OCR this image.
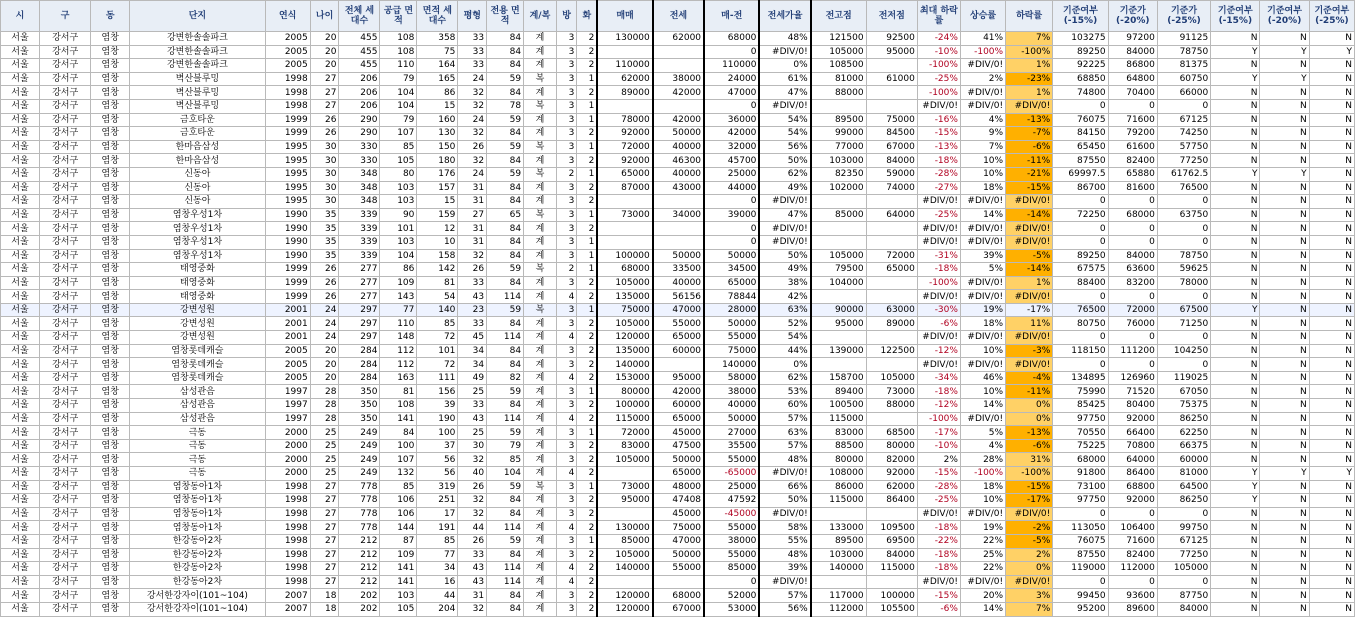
시	구	동	단지	연식	나이	전체 세대수	공급 면적	면적 세대수	평형	전용 면적	계/복	방	화	매매	전세	매-전	전세가율	전고점	전저점	최대 하락률	상승률	하락률	기준여부 (-15%)	기준가 (-20%)	기준가 (-25%)	기준여부 (-15%)	기준여부 (-20%)	기준여부 (-25%)
서울	강서구	염창	강변한솔솔파크	2005	20	455	108	358	33	84	계	3	2	130000	62000	68000	48%	121500	92500	-24%	41%	7%	103275	97200	91125	N	N	N
서울	강서구	염창	강변한솔솔파크	2005	20	455	108	75	33	84	계	3	2			0	#DIV/0!	105000	95000	-10%	-100%	-100%	89250	84000	78750	Y	Y	Y
서울	강서구	염창	강변한솔솔파크	2005	20	455	110	164	33	84	계	3	2	110000		110000	0%	108500		-100%	#DIV/0!	1%	92225	86800	81375	N	N	N
서울	강서구	염창	벽산블루밍	1998	27	206	79	165	24	59	복	3	1	62000	38000	24000	61%	81000	61000	-25%	2%	-23%	68850	64800	60750	Y	Y	N
서울	강서구	염창	벽산블루밍	1998	27	206	104	86	32	84	계	3	2	89000	42000	47000	47%	88000		-100%	#DIV/0!	1%	74800	70400	66000	N	N	N
서울	강서구	염창	벽산블루밍	1998	27	206	104	15	32	78	복	3	1			0	#DIV/0!			#DIV/0!	#DIV/0!	#DIV/0!	0	0	0	N	N	N
서울	강서구	염창	금호타운	1999	26	290	79	160	24	59	계	3	1	78000	42000	36000	54%	89500	75000	-16%	4%	-13%	76075	71600	67125	N	N	N
서울	강서구	염창	금호타운	1999	26	290	107	130	32	84	계	3	2	92000	50000	42000	54%	99000	84500	-15%	9%	-7%	84150	79200	74250	N	N	N
서울	강서구	염창	한마음삼성	1995	30	330	85	150	26	59	복	3	1	72000	40000	32000	56%	77000	67000	-13%	7%	-6%	65450	61600	57750	N	N	N
서울	강서구	염창	한마음삼성	1995	30	330	105	180	32	84	계	3	2	92000	46300	45700	50%	103000	84000	-18%	10%	-11%	87550	82400	77250	N	N	N
서울	강서구	염창	신동아	1995	30	348	80	176	24	59	복	2	1	65000	40000	25000	62%	82350	59000	-28%	10%	-21%	69997.5	65880	61762.5	Y	Y	N
서울	강서구	염창	신동아	1995	30	348	103	157	31	84	계	3	2	87000	43000	44000	49%	102000	74000	-27%	18%	-15%	86700	81600	76500	N	N	N
서울	강서구	염창	신동아	1995	30	348	103	15	31	84	계	3	2			0	#DIV/0!			#DIV/0!	#DIV/0!	#DIV/0!	0	0	0	N	N	N
서울	강서구	염창	염창우성1차	1990	35	339	90	159	27	65	복	3	1	73000	34000	39000	47%	85000	64000	-25%	14%	-14%	72250	68000	63750	N	N	N
서울	강서구	염창	염창우성1차	1990	35	339	101	12	31	84	계	3	2			0	#DIV/0!			#DIV/0!	#DIV/0!	#DIV/0!	0	0	0	N	N	N
서울	강서구	염창	염창우성1차	1990	35	339	103	10	31	84	계	3	1			0	#DIV/0!			#DIV/0!	#DIV/0!	#DIV/0!	0	0	0	N	N	N
서울	강서구	염창	염창우성1차	1990	35	339	104	158	32	84	계	3	1	100000	50000	50000	50%	105000	72000	-31%	39%	-5%	89250	84000	78750	N	N	N
서울	강서구	염창	태영중화	1999	26	277	86	142	26	59	복	2	1	68000	33500	34500	49%	79500	65000	-18%	5%	-14%	67575	63600	59625	N	N	N
서울	강서구	염창	태영중화	1999	26	277	109	81	33	84	계	3	2	105000	40000	65000	38%	104000		-100%	#DIV/0!	1%	88400	83200	78000	N	N	N
서울	강서구	염창	태영중화	1999	26	277	143	54	43	114	계	4	2	135000	56156	78844	42%			#DIV/0!	#DIV/0!	#DIV/0!	0	0	0	N	N	N
서울	강서구	염창	강변성원	2001	24	297	77	140	23	59	복	3	1	75000	47000	28000	63%	90000	63000	-30%	19%	-17%	76500	72000	67500	Y	N	N
서울	강서구	염창	강변성원	2001	24	297	110	85	33	84	계	3	2	105000	55000	50000	52%	95000	89000	-6%	18%	11%	80750	76000	71250	N	N	N
서울	강서구	염창	강변성원	2001	24	297	148	72	45	114	계	4	2	120000	65000	55000	54%			#DIV/0!	#DIV/0!	#DIV/0!	0	0	0	N	N	N
서울	강서구	염창	염창롯데캐슬	2005	20	284	112	101	34	84	계	3	2	135000	60000	75000	44%	139000	122500	-12%	10%	-3%	118150	111200	104250	N	N	N
서울	강서구	염창	염창롯데캐슬	2005	20	284	112	72	34	84	계	3	2	140000		140000	0%			#DIV/0!	#DIV/0!	#DIV/0!	0	0	0	N	N	N
서울	강서구	염창	염창롯데캐슬	2005	20	284	163	111	49	82	계	4	2	153000	95000	58000	62%	158700	105000	-34%	46%	-4%	134895	126960	119025	N	N	N
서울	강서구	염창	삼성관음	1997	28	350	81	156	25	59	계	3	1	80000	42000	38000	53%	89400	73000	-18%	10%	-11%	75990	71520	67050	N	N	N
서울	강서구	염창	삼성관음	1997	28	350	108	39	33	84	계	3	2	100000	60000	40000	60%	100500	88000	-12%	14%	0%	85425	80400	75375	N	N	N
서울	강서구	염창	삼성관음	1997	28	350	141	190	43	114	계	4	2	115000	65000	50000	57%	115000		-100%	#DIV/0!	0%	97750	92000	86250	N	N	N
서울	강서구	염창	극동	2000	25	249	84	100	25	59	계	3	1	72000	45000	27000	63%	83000	68500	-17%	5%	-13%	70550	66400	62250	N	N	N
서울	강서구	염창	극동	2000	25	249	100	37	30	79	계	3	2	83000	47500	35500	57%	88500	80000	-10%	4%	-6%	75225	70800	66375	N	N	N
서울	강서구	염창	극동	2000	25	249	107	56	32	85	계	3	2	105000	50000	55000	48%	80000	82000	2%	28%	31%	68000	64000	60000	N	N	N
서울	강서구	염창	극동	2000	25	249	132	56	40	104	계	4	2		65000	-65000	#DIV/0!	108000	92000	-15%	-100%	-100%	91800	86400	81000	Y	Y	Y
서울	강서구	염창	염창동아1차	1998	27	778	85	319	26	59	복	3	1	73000	48000	25000	66%	86000	62000	-28%	18%	-15%	73100	68800	64500	Y	N	N
서울	강서구	염창	염창동아1차	1998	27	778	106	251	32	84	계	3	2	95000	47408	47592	50%	115000	86400	-25%	10%	-17%	97750	92000	86250	Y	N	N
서울	강서구	염창	염창동아1차	1998	27	778	106	17	32	84	계	3	2		45000	-45000	#DIV/0!			#DIV/0!	#DIV/0!	#DIV/0!	0	0	0	N	N	N
서울	강서구	염창	염창동아1차	1998	27	778	144	191	44	114	계	4	2	130000	75000	55000	58%	133000	109500	-18%	19%	-2%	113050	106400	99750	N	N	N
서울	강서구	염창	한강동아2차	1998	27	212	87	85	26	59	계	3	1	85000	47000	38000	55%	89500	69500	-22%	22%	-5%	76075	71600	67125	N	N	N
서울	강서구	염창	한강동아2차	1998	27	212	109	77	33	84	계	3	2	105000	50000	55000	48%	103000	84000	-18%	25%	2%	87550	82400	77250	N	N	N
서울	강서구	염창	한강동아2차	1998	27	212	141	34	43	114	계	4	2	140000	55000	85000	39%	140000	115000	-18%	22%	0%	119000	112000	105000	N	N	N
서울	강서구	염창	한강동아2차	1998	27	212	141	16	43	114	계	4	2			0	#DIV/0!			#DIV/0!	#DIV/0!	#DIV/0!	0	0	0	N	N	N
서울	강서구	염창	강서한강자이(101~104)	2007	18	202	103	44	31	84	계	3	2	120000	68000	52000	57%	117000	100000	-15%	20%	3%	99450	93600	87750	N	N	N
서울	강서구	염창	강서한강자이(101~104)	2007	18	202	105	204	32	84	계	3	2	120000	67000	53000	56%	112000	105500	-6%	14%	7%	95200	89600	84000	N	N	N
